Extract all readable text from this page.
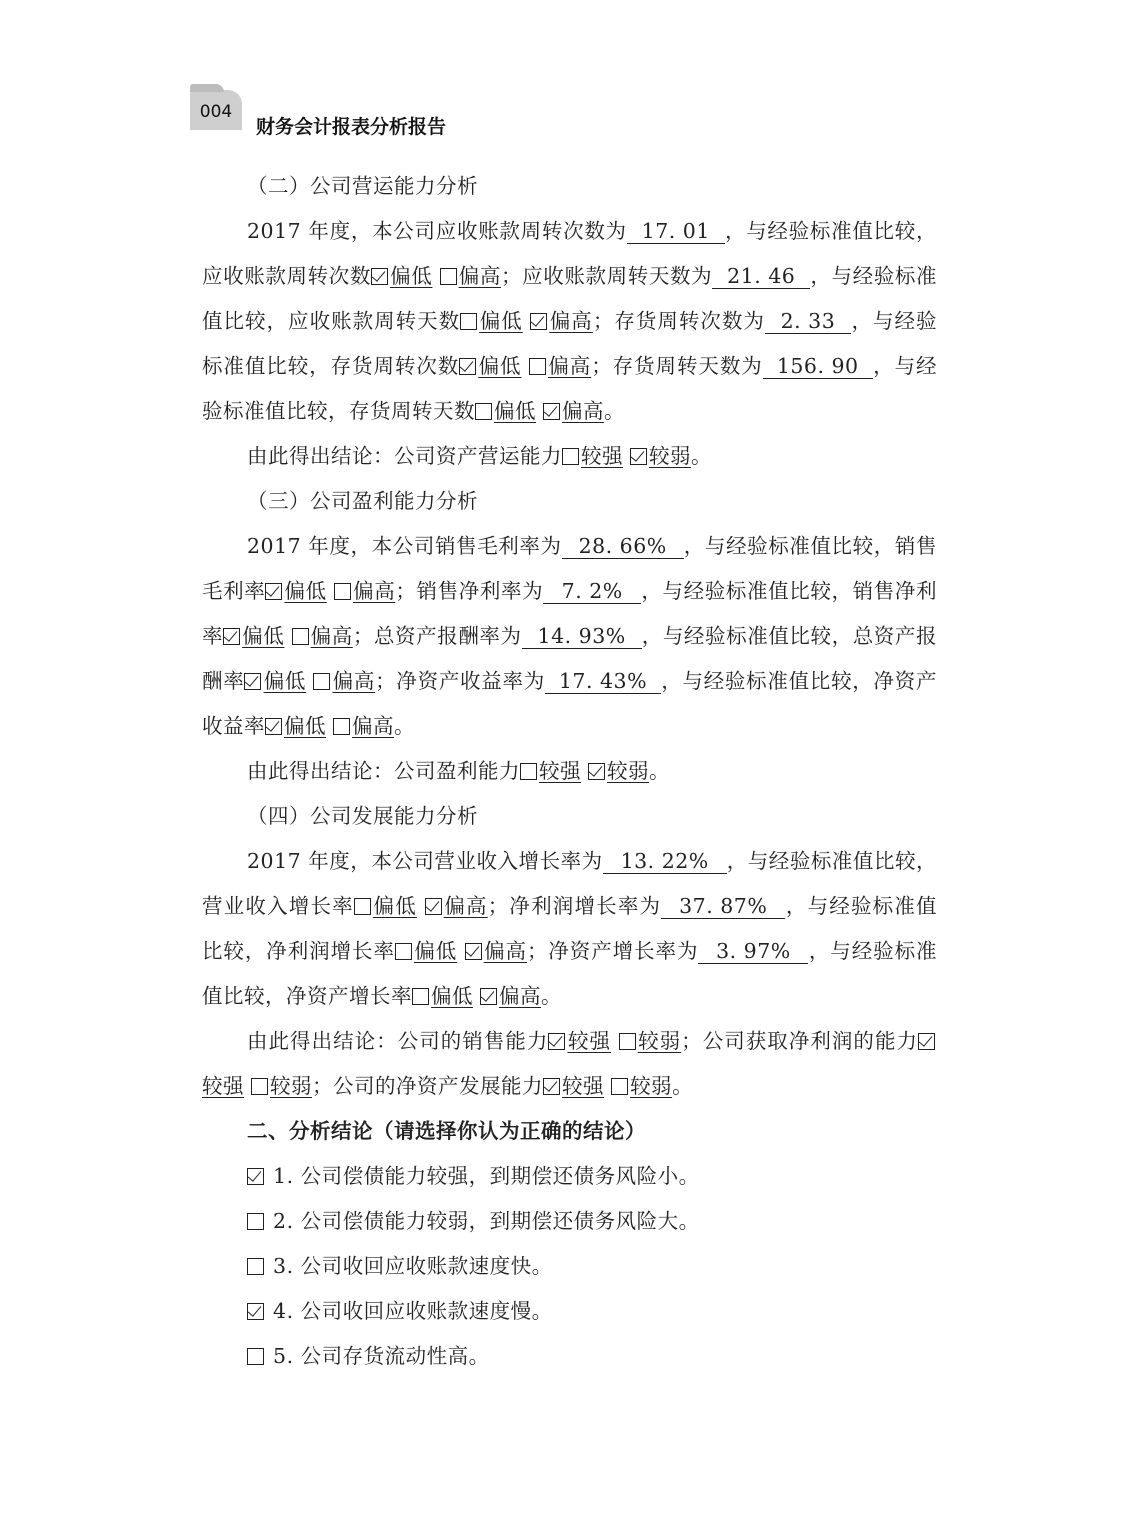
004
财务会计报表分析报告

（二）公司营运能力分析

2017 年度，本公司应收账款周转次数为 17. 01 ，与经验标准值比较，应收账款周转次数 偏低 偏高；应收账款周转天数为 21. 46 ，与经验标准值比较，应收账款周转天数 偏低 偏高；存货周转次数为 2. 33 ，与经验标准值比较，存货周转次数 偏低 偏高；存货周转天数为 156. 90 ，与经验标准值比较，存货周转天数 偏低 偏高。

由此得出结论：公司资产营运能力 较强 较弱。

（三）公司盈利能力分析

2017 年度，本公司销售毛利率为 28. 66% ，与经验标准值比较，销售毛利率 偏低 偏高；销售净利率为 7. 2% ，与经验标准值比较，销售净利率 偏低 偏高；总资产报酬率为 14. 93% ，与经验标准值比较，总资产报酬率 偏低 偏高；净资产收益率为 17. 43% ，与经验标准值比较，净资产收益率 偏低 偏高。

由此得出结论：公司盈利能力 较强 较弱。

（四）公司发展能力分析

2017 年度，本公司营业收入增长率为 13. 22% ，与经验标准值比较，营业收入增长率 偏低 偏高；净利润增长率为 37. 87% ，与经验标准值比较，净利润增长率 偏低 偏高；净资产增长率为 3. 97% ，与经验标准值比较，净资产增长率 偏低 偏高。

由此得出结论：公司的销售能力 较强 较弱；公司获取净利润的能力较强 较弱；公司的净资产发展能力 较强 较弱。

二、分析结论（请选择你认为正确的结论）

1. 公司偿债能力较强，到期偿还债务风险小。

2. 公司偿债能力较弱，到期偿还债务风险大。

3. 公司收回应收账款速度快。

4. 公司收回应收账款速度慢。

5. 公司存货流动性高。
